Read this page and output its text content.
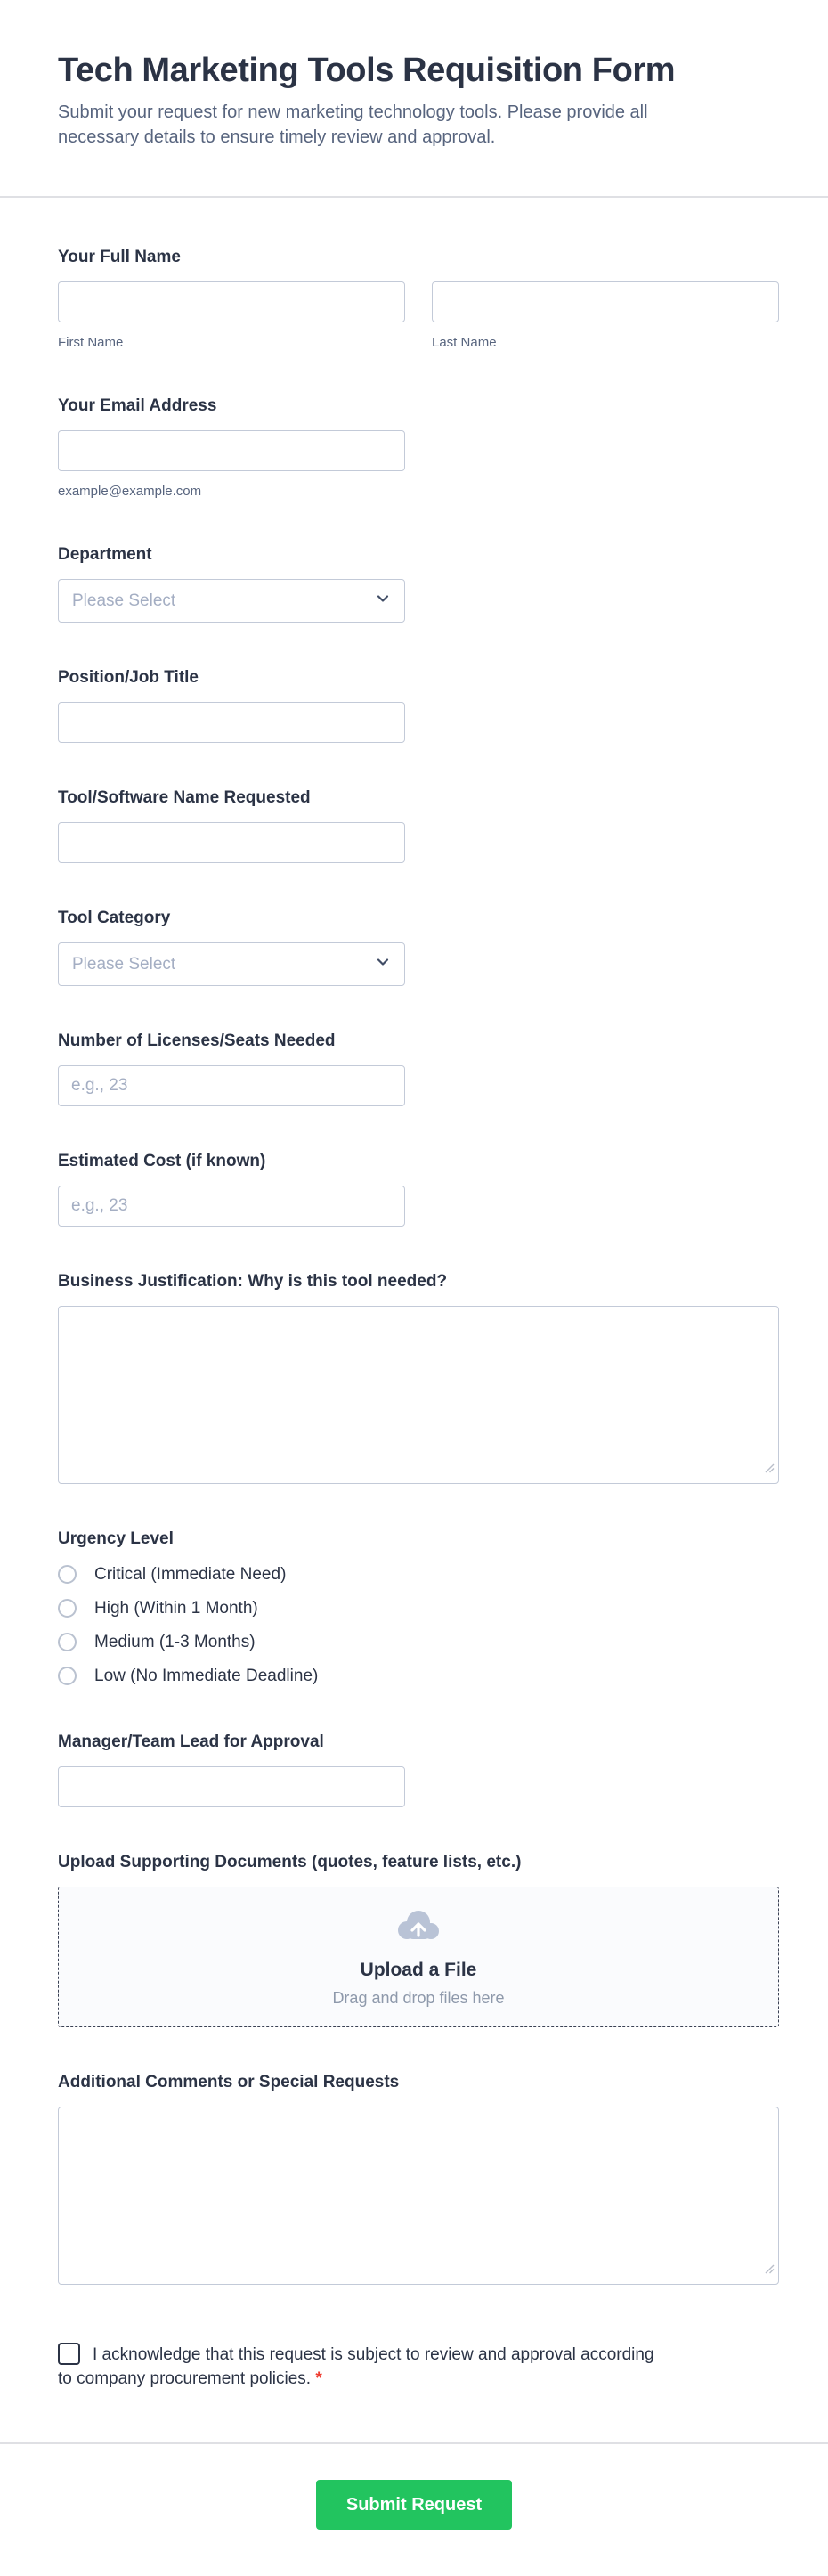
Tech Marketing Tools Requisition Form
Submit your request for new marketing technology tools. Please provide all necessary details to ensure timely review and approval.
Your Full Name
First Name	Last Name
Your Email Address
example@example.com
Department
Please Select
Position/Job Title
Tool/Software Name Requested
Tool Category
Please Select
Number of Licenses/Seats Needed
e.g., 23
Estimated Cost (if known)
e.g., 23
Business Justification: Why is this tool needed?
Urgency Level
Critical (Immediate Need)
High (Within 1 Month)
Medium (1-3 Months)
Low (No Immediate Deadline)
Manager/Team Lead for Approval
Upload Supporting Documents (quotes, feature lists, etc.)
Upload a File
Drag and drop files here
Additional Comments or Special Requests
I acknowledge that this request is subject to review and approval according to company procurement policies. *
Submit Request
